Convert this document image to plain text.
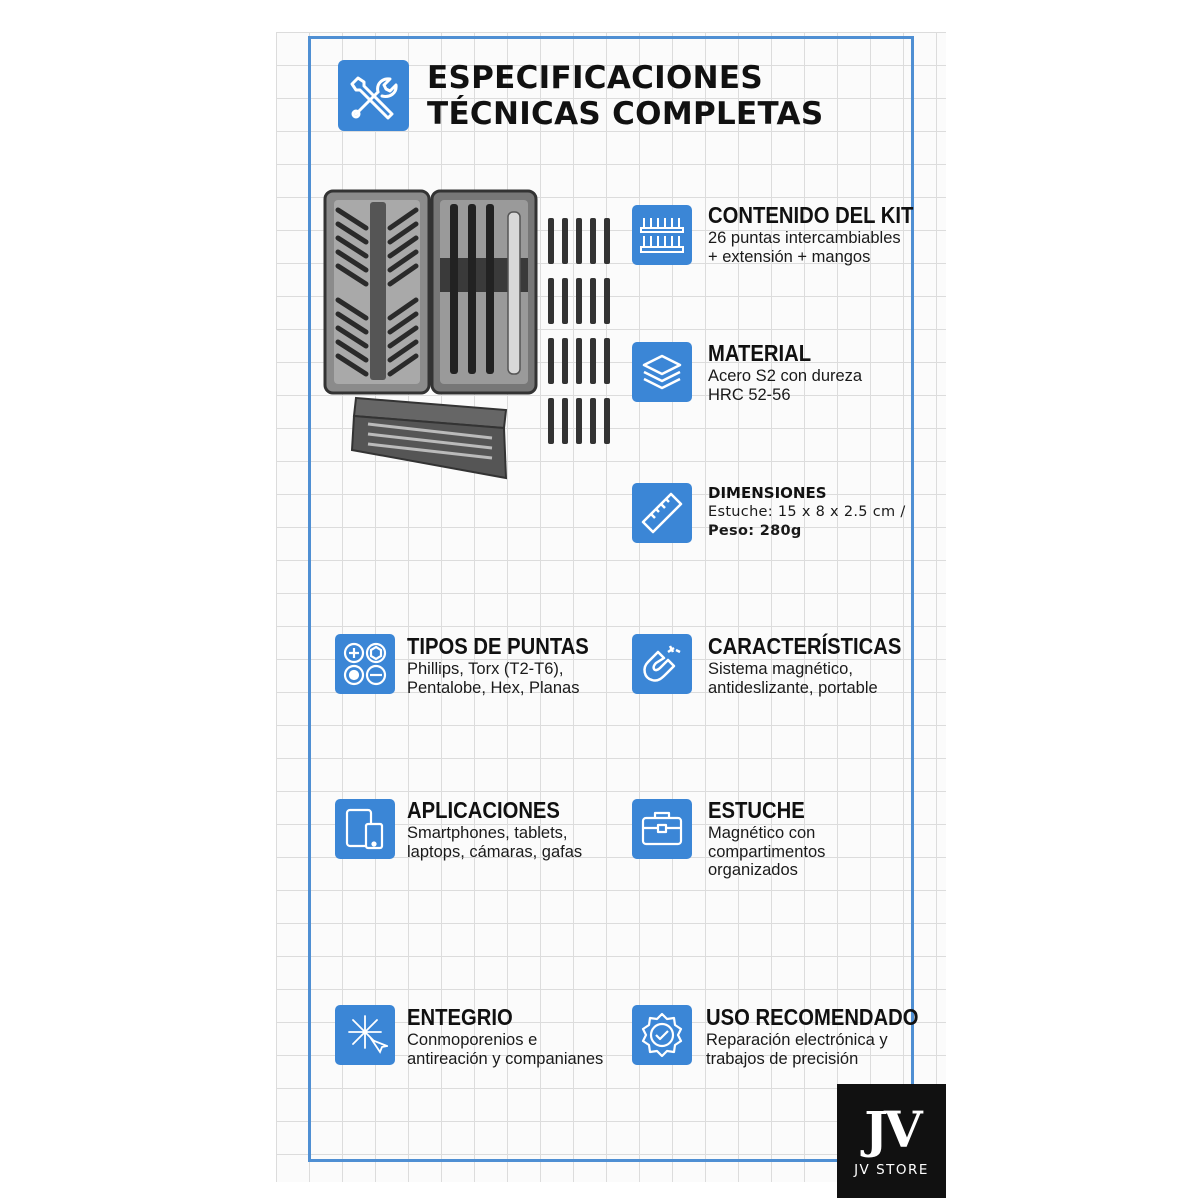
ESPECIFICACIONES
TÉCNICAS COMPLETAS
CONTENIDO DEL KIT
26 puntas intercambiables
+ extensión + mangos
MATERIAL
Acero S2 con dureza
HRC 52-56
DIMENSIONES
Estuche: 15 x 8 x 2.5 cm /
Peso: 280g
TIPOS DE PUNTAS
Phillips, Torx (T2-T6),
Pentalobe, Hex, Planas
CARACTERÍSTICAS
Sistema magnético,
antideslizante, portable
APLICACIONES
Smartphones, tablets,
laptops, cámaras, gafas
ESTUCHE
Magnético con
compartimentos
organizados
ENTEGRIO
Conmoporenios e
antireación y companianes
USO RECOMENDADO
Reparación electrónica y
trabajos de precisión
JV
JV STORE
